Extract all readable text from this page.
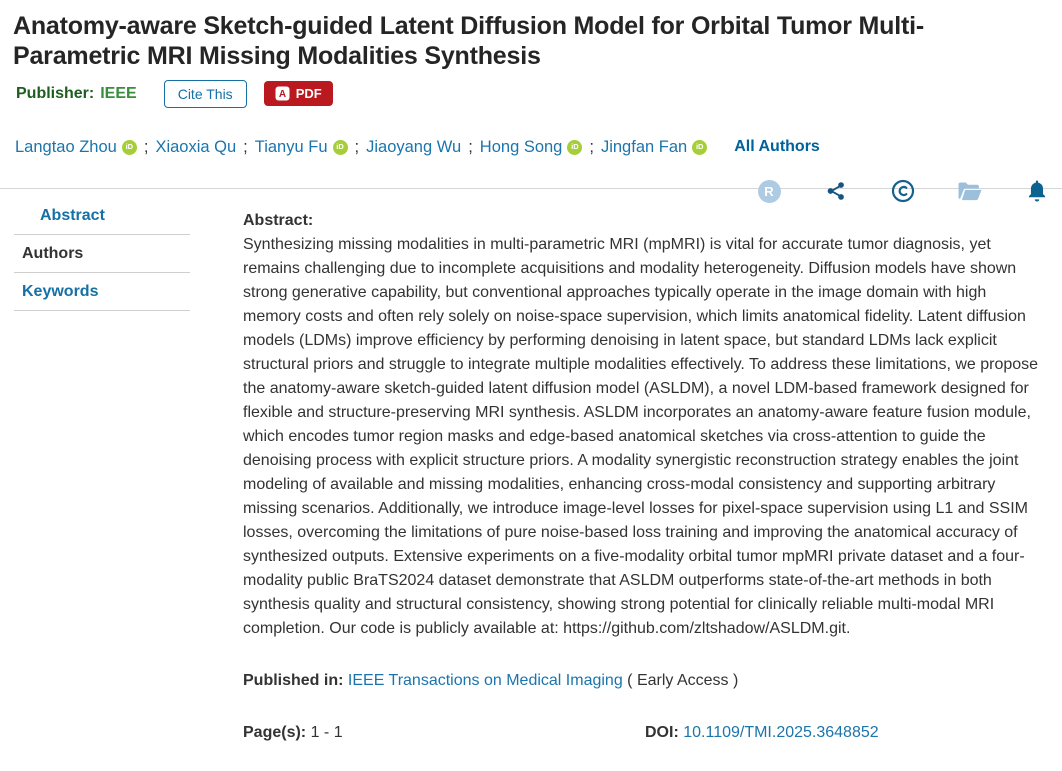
Anatomy-aware Sketch-guided Latent Diffusion Model for Orbital Tumor Multi-Parametric MRI Missing Modalities Synthesis
Publisher: IEEE	Cite This	A PDF
Langtao Zhou iD ; Xiaoxia Qu ; Tianyu Fu iD ; Jiaoyang Wu ; Hong Song iD ; Jingfan Fan iD	All Authors
R
Abstract
Authors
Keywords
Abstract:

Synthesizing missing modalities in multi-parametric MRI (mpMRI) is vital for accurate tumor diagnosis, yet remains challenging due to incomplete acquisitions and modality heterogeneity. Diffusion models have shown strong generative capability, but conventional approaches typically operate in the image domain with high memory costs and often rely solely on noise-space supervision, which limits anatomical fidelity. Latent diffusion models (LDMs) improve efficiency by performing denoising in latent space, but standard LDMs lack explicit structural priors and struggle to integrate multiple modalities effectively. To address these limitations, we propose the anatomy-aware sketch-guided latent diffusion model (ASLDM), a novel LDM-based framework designed for flexible and structure-preserving MRI synthesis. ASLDM incorporates an anatomy-aware feature fusion module, which encodes tumor region masks and edge-based anatomical sketches via cross-attention to guide the denoising process with explicit structure priors. A modality synergistic reconstruction strategy enables the joint modeling of available and missing modalities, enhancing cross-modal consistency and supporting arbitrary missing scenarios. Additionally, we introduce image-level losses for pixel-space supervision using L1 and SSIM losses, overcoming the limitations of pure noise-based loss training and improving the anatomical accuracy of synthesized outputs. Extensive experiments on a five-modality orbital tumor mpMRI private dataset and a four-modality public BraTS2024 dataset demonstrate that ASLDM outperforms state-of-the-art methods in both synthesis quality and structural consistency, showing strong potential for clinically reliable multi-modal MRI completion. Our code is publicly available at: https://github.com/zltshadow/ASLDM.git.

Published in: IEEE Transactions on Medical Imaging ( Early Access )
Page(s): 1 - 1	DOI: 10.1109/TMI.2025.3648852
